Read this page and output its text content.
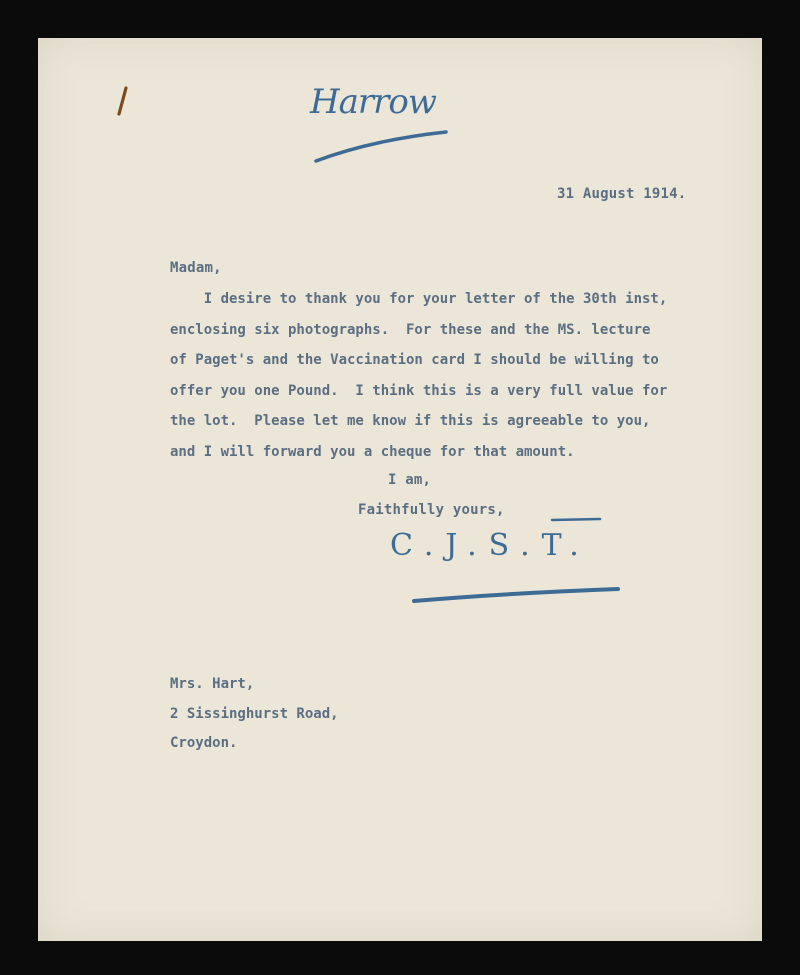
Harrow
31 August 1914.
Madam,
I desire to thank you for your letter of the 30th inst,
enclosing six photographs.  For these and the MS. lecture
of Paget's and the Vaccination card I should be willing to
offer you one Pound.  I think this is a very full value for
the lot.  Please let me know if this is agreeable to you,
and I will forward you a cheque for that amount.
I am,
Faithfully yours,
C.J.S.T.
Mrs. Hart,
2 Sissinghurst Road,
Croydon.
